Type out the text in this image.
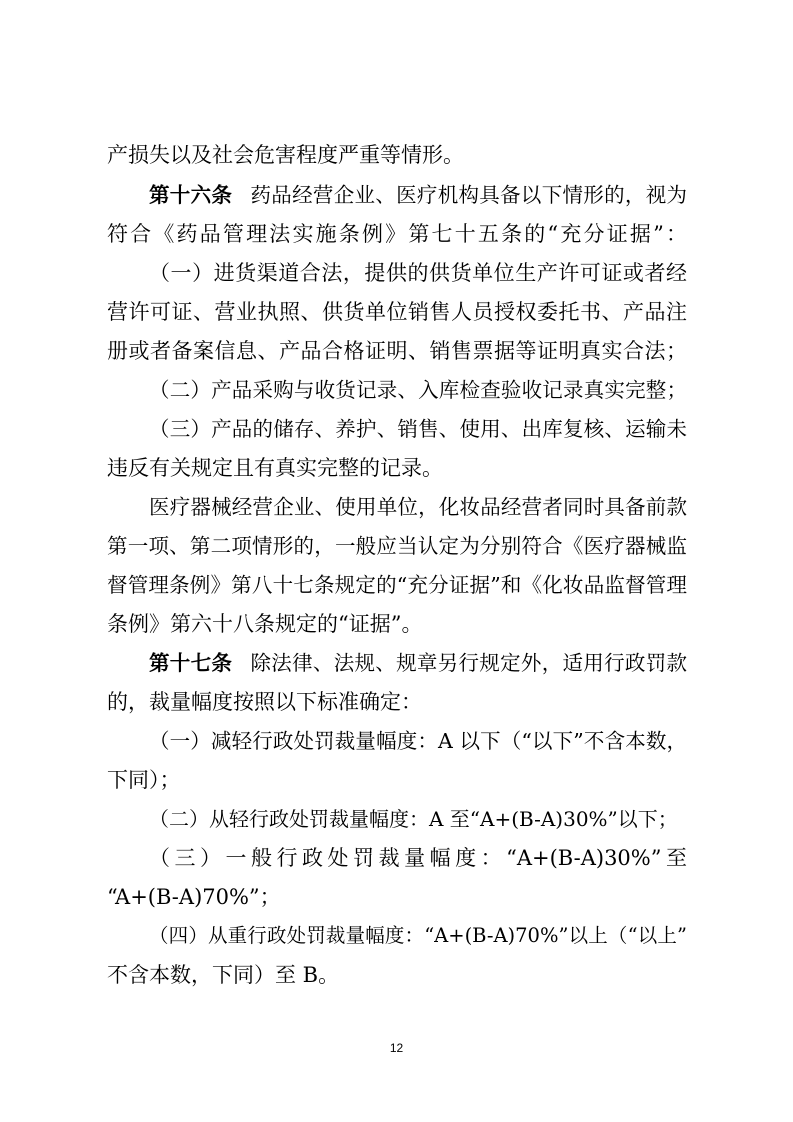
产损失以及社会危害程度严重等情形。

第十六条 药品经营企业、医疗机构具备以下情形的，视为

符合《药品管理法实施条例》第七十五条的“充分证据”：

（一）进货渠道合法，提供的供货单位生产许可证或者经

营许可证、营业执照、供货单位销售人员授权委托书、产品注

册或者备案信息、产品合格证明、销售票据等证明真实合法；

（二）产品采购与收货记录、入库检查验收记录真实完整；

（三）产品的储存、养护、销售、使用、出库复核、运输未

违反有关规定且有真实完整的记录。

医疗器械经营企业、使用单位，化妆品经营者同时具备前款

第一项、第二项情形的，一般应当认定为分别符合《医疗器械监

督管理条例》第八十七条规定的“充分证据”和《化妆品监督管理

条例》第六十八条规定的“证据”。

第十七条 除法律、法规、规章另行规定外，适用行政罚款

的，裁量幅度按照以下标准确定：

（一）减轻行政处罚裁量幅度：A 以下（“以下”不含本数，

下同）；

（二）从轻行政处罚裁量幅度：A 至“A+(B-A)30%”以下；

（三）一般行政处罚裁量幅度：“A+(B-A)30%”至

“A+(B-A)70%”；

（四）从重行政处罚裁量幅度：“A+(B-A)70%”以上（“以上”

不含本数，下同）至 B。

12
